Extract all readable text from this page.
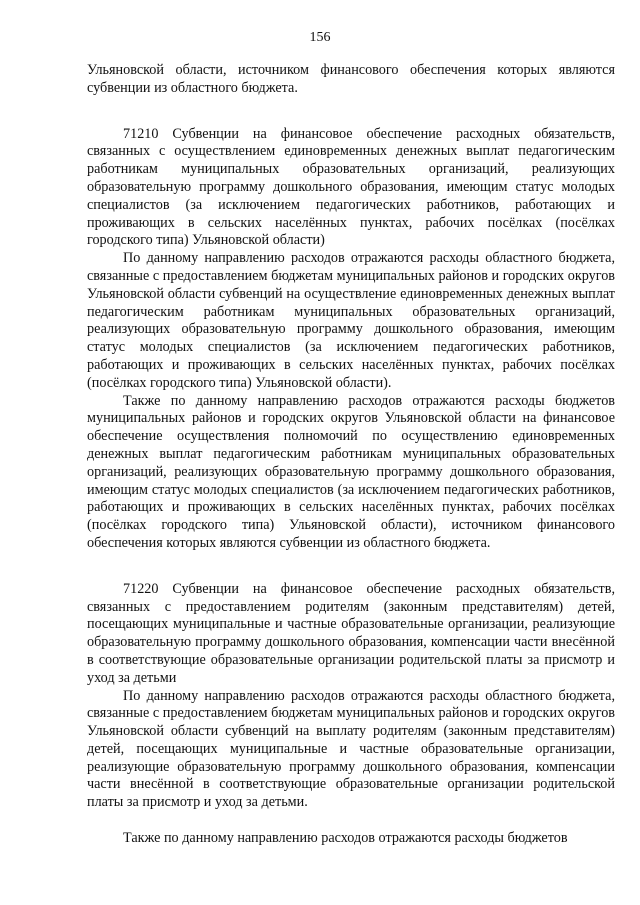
156

Ульяновской области, источником финансового обеспечения которых являются субвенции из областного бюджета.

71210 Субвенции на финансовое обеспечение расходных обязательств, связанных с осуществлением единовременных денежных выплат педагогическим работникам муниципальных образовательных организаций, реализующих образовательную программу дошкольного образования, имеющим статус молодых специалистов (за исключением педагогических работников, работающих и проживающих в сельских населённых пунктах, рабочих посёлках (посёлках городского типа) Ульяновской области)

По данному направлению расходов отражаются расходы областного бюджета, связанные с предоставлением бюджетам муниципальных районов и городских округов Ульяновской области субвенций на осуществление единовременных денежных выплат педагогическим работникам муниципальных образовательных организаций, реализующих образовательную программу дошкольного образования, имеющим статус молодых специалистов (за исключением педагогических работников, работающих и проживающих в сельских населённых пунктах, рабочих посёлках (посёлках городского типа) Ульяновской области).

Также по данному направлению расходов отражаются расходы бюджетов муниципальных районов и городских округов Ульяновской области на финансовое обеспечение осуществления полномочий по осуществлению единовременных денежных выплат педагогическим работникам муниципальных образовательных организаций, реализующих образовательную программу дошкольного образования, имеющим статус молодых специалистов (за исключением педагогических работников, работающих и проживающих в сельских населённых пунктах, рабочих посёлках (посёлках городского типа) Ульяновской области), источником финансового обеспечения которых являются субвенции из областного бюджета.

71220 Субвенции на финансовое обеспечение расходных обязательств, связанных с предоставлением родителям (законным представителям) детей, посещающих муниципальные и частные образовательные организации, реализующие образовательную программу дошкольного образования, компенсации части внесённой в соответствующие образовательные организации родительской платы за присмотр и уход за детьми

По данному направлению расходов отражаются расходы областного бюджета, связанные с предоставлением бюджетам муниципальных районов и городских округов Ульяновской области субвенций на выплату родителям (законным представителям) детей, посещающих муниципальные и частные образовательные организации, реализующие образовательную программу дошкольного образования, компенсации части внесённой в соответствующие образовательные организации родительской платы за присмотр и уход за детьми.

Также по данному направлению расходов отражаются расходы бюджетов
